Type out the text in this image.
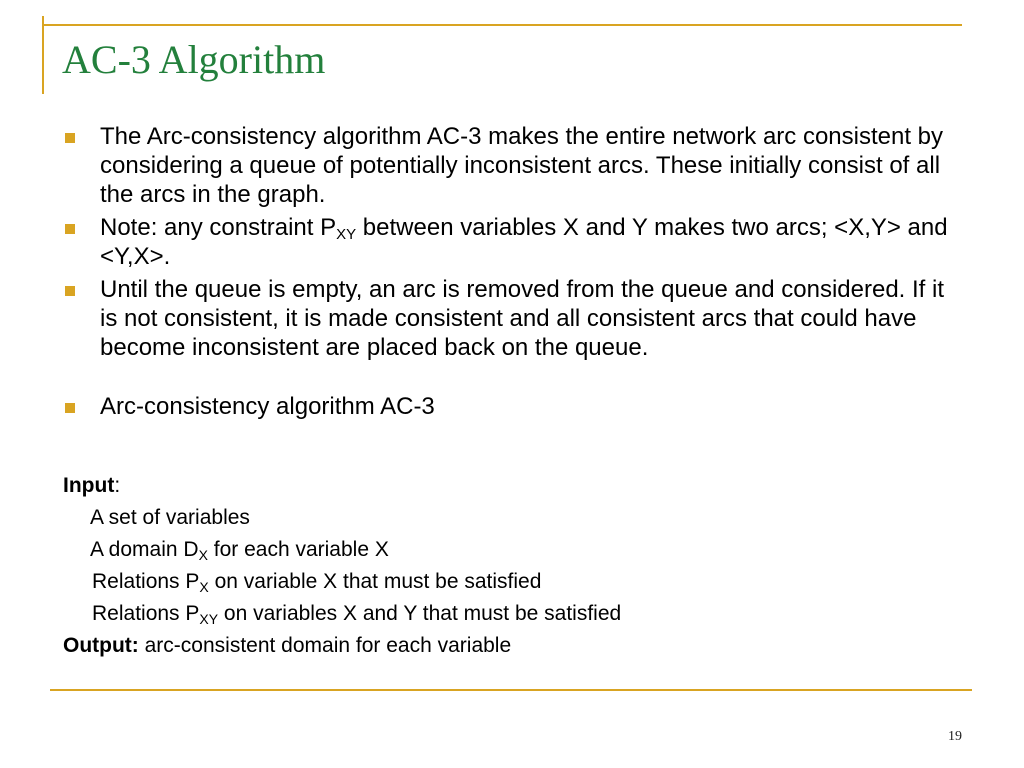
AC-3 Algorithm
The Arc-consistency algorithm AC-3 makes the entire network arc consistent by considering a queue of potentially inconsistent arcs. These initially consist of all the arcs in the graph.
Note: any constraint $P_{XY}$ between variables X and Y makes two arcs; <X,Y> and <Y,X>.
Until the queue is empty, an arc is removed from the queue and considered. If it is not consistent, it is made consistent and all consistent arcs that could have become inconsistent are placed back on the queue.
Arc-consistency algorithm AC-3
Input:
A set of variables
A domain $D_X$ for each variable X
Relations $P_X$ on variable X that must be satisfied
Relations $P_{XY}$ on variables X and Y that must be satisfied
Output: arc-consistent domain for each variable
19
